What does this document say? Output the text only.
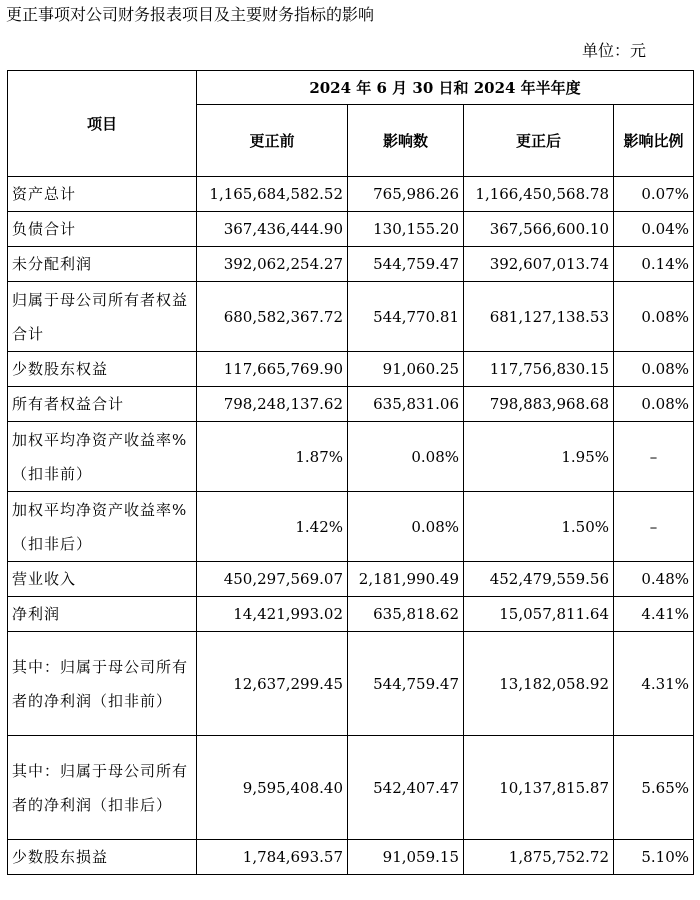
更正事项对公司财务报表项目及主要财务指标的影响
单位：元
项目	2024 年 6 月 30 日和 2024 年半年度			
	更正前	影响数	更正后	影响比例
资产总计	1,165,684,582.52	765,986.26	1,166,450,568.78	0.07%
负债合计	367,436,444.90	130,155.20	367,566,600.10	0.04%
未分配利润	392,062,254.27	544,759.47	392,607,013.74	0.14%
归属于母公司所有者权益合计	680,582,367.72	544,770.81	681,127,138.53	0.08%
少数股东权益	117,665,769.90	91,060.25	117,756,830.15	0.08%
所有者权益合计	798,248,137.62	635,831.06	798,883,968.68	0.08%
加权平均净资产收益率%（扣非前）	1.87%	0.08%	1.95%	–
加权平均净资产收益率%（扣非后）	1.42%	0.08%	1.50%	–
营业收入	450,297,569.07	2,181,990.49	452,479,559.56	0.48%
净利润	14,421,993.02	635,818.62	15,057,811.64	4.41%
其中：归属于母公司所有者的净利润（扣非前）	12,637,299.45	544,759.47	13,182,058.92	4.31%
其中：归属于母公司所有者的净利润（扣非后）	9,595,408.40	542,407.47	10,137,815.87	5.65%
少数股东损益	1,784,693.57	91,059.15	1,875,752.72	5.10%
